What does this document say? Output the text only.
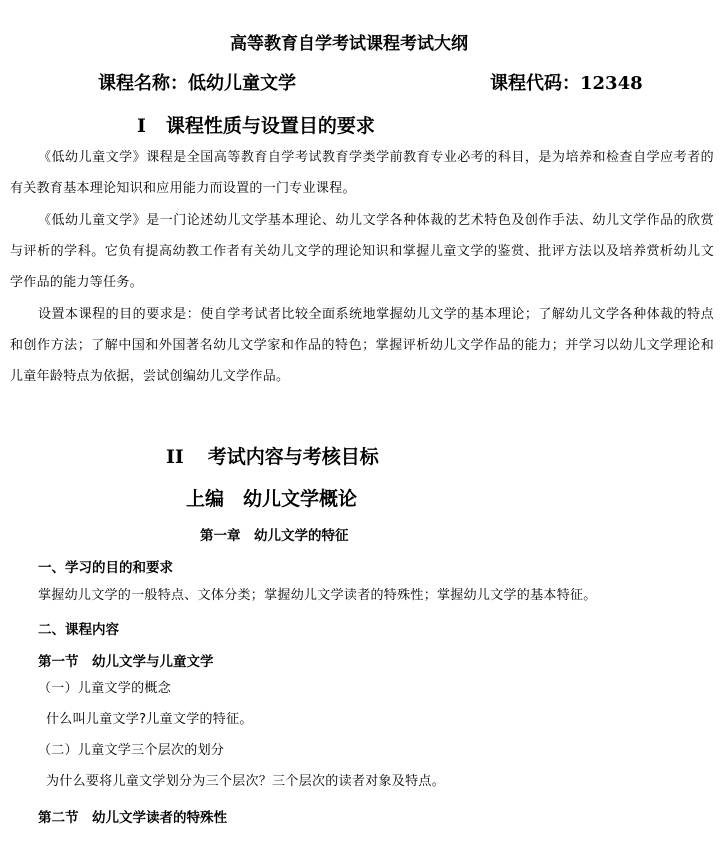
高等教育自学考试课程考试大纲
课程名称：低幼儿童文学	课程代码：12348
I 课程性质与设置目的要求
《低幼儿童文学》课程是全国高等教育自学考试教育学类学前教育专业必考的科目，是为培养和检查自学应考者的有关教育基本理论知识和应用能力而设置的一门专业课程。
《低幼儿童文学》是一门论述幼儿文学基本理论、幼儿文学各种体裁的艺术特色及创作手法、幼儿文学作品的欣赏与评析的学科。它负有提高幼教工作者有关幼儿文学的理论知识和掌握儿童文学的鉴赏、批评方法以及培养赏析幼儿文学作品的能力等任务。
设置本课程的目的要求是：使自学考试者比较全面系统地掌握幼儿文学的基本理论；了解幼儿文学各种体裁的特点和创作方法；了解中国和外国著名幼儿文学家和作品的特色；掌握评析幼儿文学作品的能力；并学习以幼儿文学理论和儿童年龄特点为依据，尝试创编幼儿文学作品。
II 考试内容与考核目标
上编　幼儿文学概论
第一章　幼儿文学的特征
一、学习的目的和要求
掌握幼儿文学的一般特点、文体分类；掌握幼儿文学读者的特殊性；掌握幼儿文学的基本特征。
二、课程内容
第一节　幼儿文学与儿童文学
（一）儿童文学的概念
什么叫儿童文学?儿童文学的特征。
（二）儿童文学三个层次的划分
为什么要将儿童文学划分为三个层次？三个层次的读者对象及特点。
第二节　幼儿文学读者的特殊性
